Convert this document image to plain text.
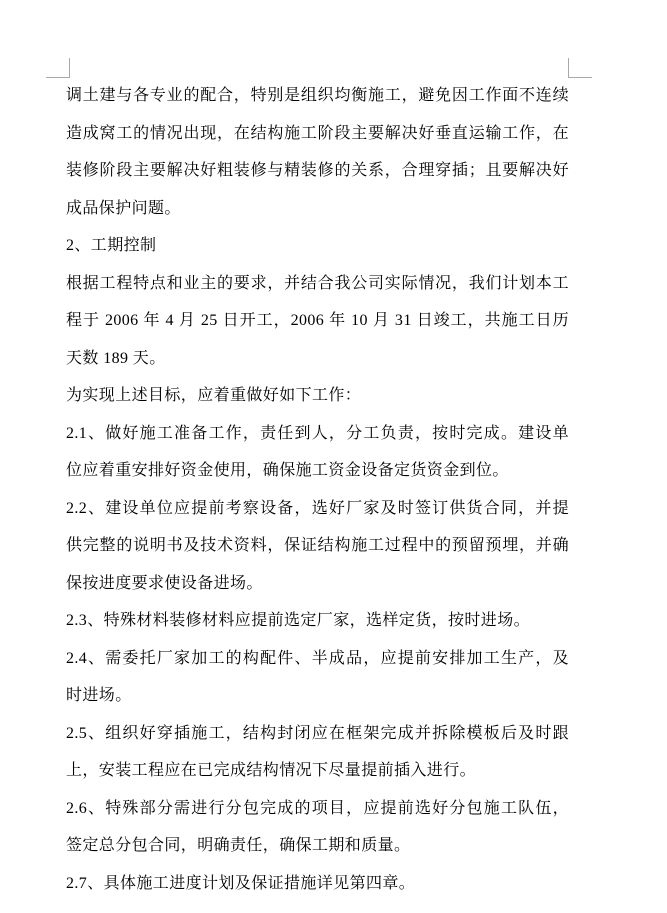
调土建与各专业的配合，特别是组织均衡施工，避免因工作面不连续
造成窝工的情况出现，在结构施工阶段主要解决好垂直运输工作，在
装修阶段主要解决好粗装修与精装修的关系，合理穿插；且要解决好
成品保护问题。
2、工期控制
根据工程特点和业主的要求，并结合我公司实际情况，我们计划本工
程于 2006 年 4 月 25 日开工，2006 年 10 月 31 日竣工，共施工日历
天数 189 天。
为实现上述目标，应着重做好如下工作：
2.1、做好施工准备工作，责任到人，分工负责，按时完成。建设单
位应着重安排好资金使用，确保施工资金设备定货资金到位。
2.2、建设单位应提前考察设备，选好厂家及时签订供货合同，并提
供完整的说明书及技术资料，保证结构施工过程中的预留预埋，并确
保按进度要求使设备进场。
2.3、特殊材料装修材料应提前选定厂家，选样定货，按时进场。
2.4、需委托厂家加工的构配件、半成品，应提前安排加工生产，及
时进场。
2.5、组织好穿插施工，结构封闭应在框架完成并拆除模板后及时跟
上，安装工程应在已完成结构情况下尽量提前插入进行。
2.6、特殊部分需进行分包完成的项目，应提前选好分包施工队伍，
签定总分包合同，明确责任，确保工期和质量。
2.7、具体施工进度计划及保证措施详见第四章。
